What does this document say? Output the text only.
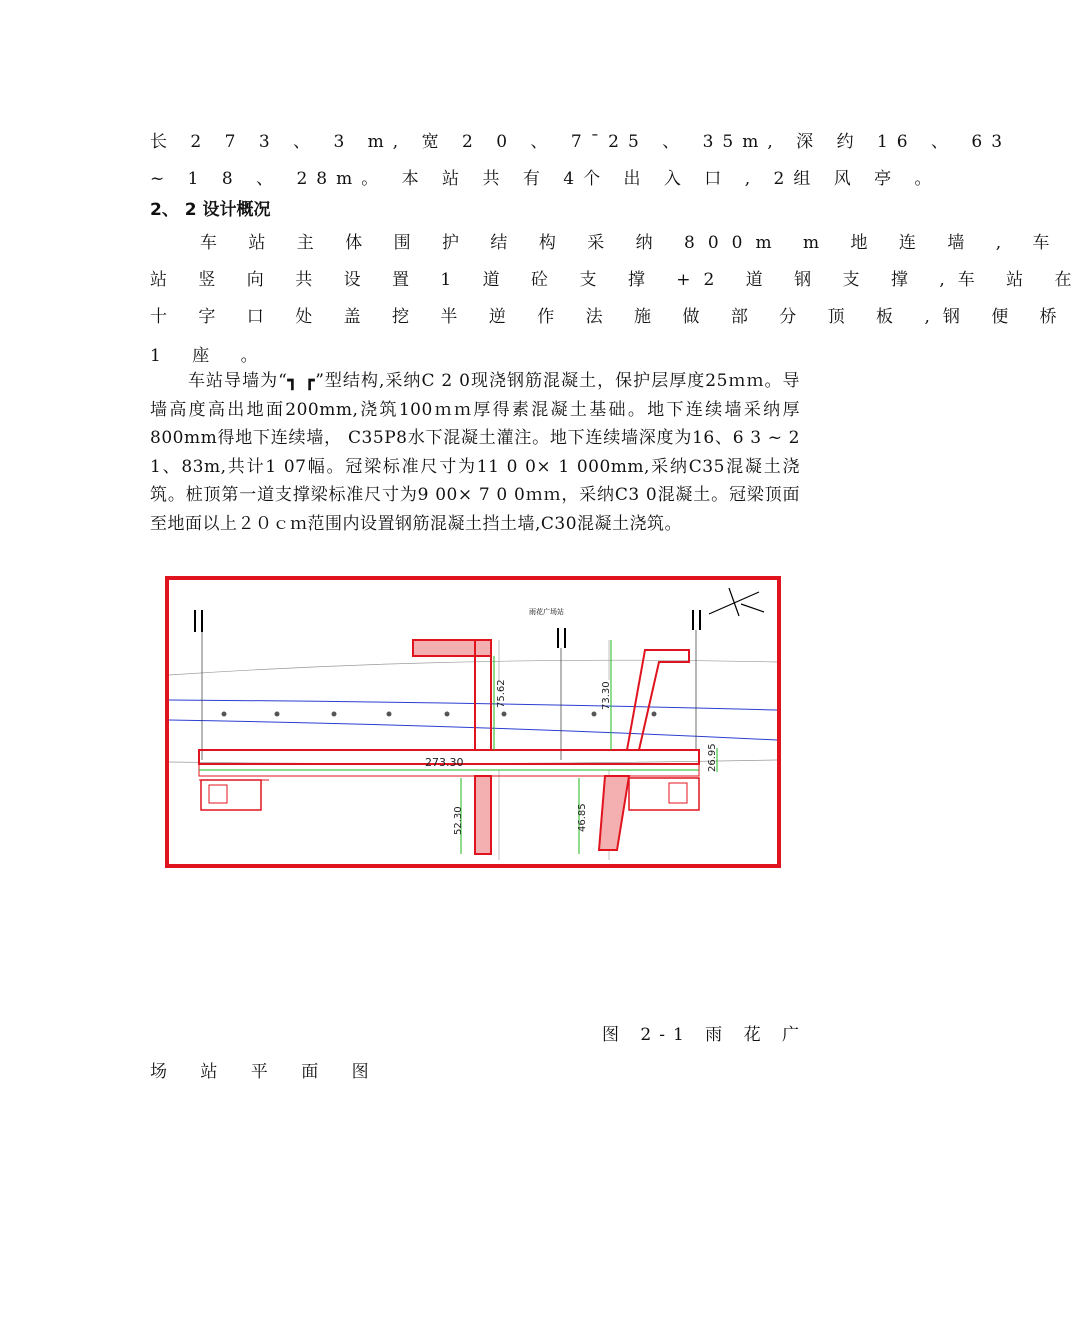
长 2 7 3 、 3 m, 宽 2 0 、 7¯25 、 35m, 深 约 16 、 63
~ 1 8 、 28m。 本 站 共 有 4个 出 入 口 , 2组 风 亭 。
2、 2 设计概况
车 站 主 体 围 护 结 构 采 纳 800m m 地 连 墙 , 车
站 竖 向 共 设 置 1 道 砼 支 撑 +2 道 钢 支 撑 ,车 站 在
十 字 口 处 盖 挖 半 逆 作 法 施 做 部 分 顶 板 ,钢 便 桥
1 座 。
车站导墙为“┓ ┏”型结构,采纳C 2 0现浇钢筋混凝土，保护层厚度25ｍｍ。导墙高度高出地面200mm,浇筑100ｍｍ厚得素混凝土基础。地下连续墙采纳厚800mm得地下连续墙， C35P8水下混凝土灌注。地下连续墙深度为16、6 3 ~ 2 1、83m,共计1 07幅。冠梁标准尺寸为11 0 0× 1 000mm,采纳C35混凝土浇筑。桩顶第一道支撑梁标准尺寸为9 00× 7 0 0ｍｍ，采纳C3 0混凝土。冠梁顶面至地面以上２０ｃｍ范围内设置钢筋混凝土挡土墙,C30混凝土浇筑。
雨花广场站
273.30
75.62	73.30
52.30	46.85
26.95
图 2-1 雨 花 广
场 站 平 面 图
